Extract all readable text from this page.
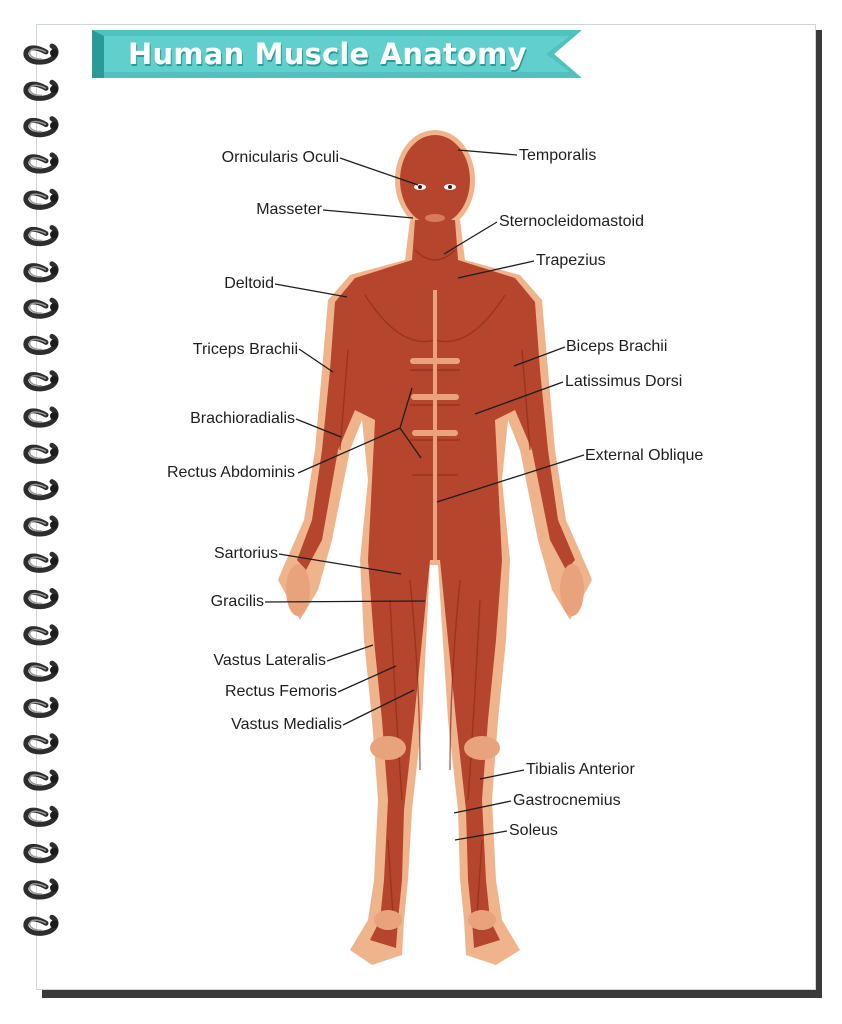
Human Muscle Anatomy
Ornicularis Oculi	Temporalis
Masseter
Sternocleidomastoid
Trapezius
Deltoid
Triceps Brachii	Biceps Brachii
Latissimus Dorsi
Brachioradialis
Rectus Abdominis
External Oblique
Sartorius
Gracilis
Vastus Lateralis
Rectus Femoris
Vastus Medialis
Tibialis Anterior
Gastrocnemius
Soleus
